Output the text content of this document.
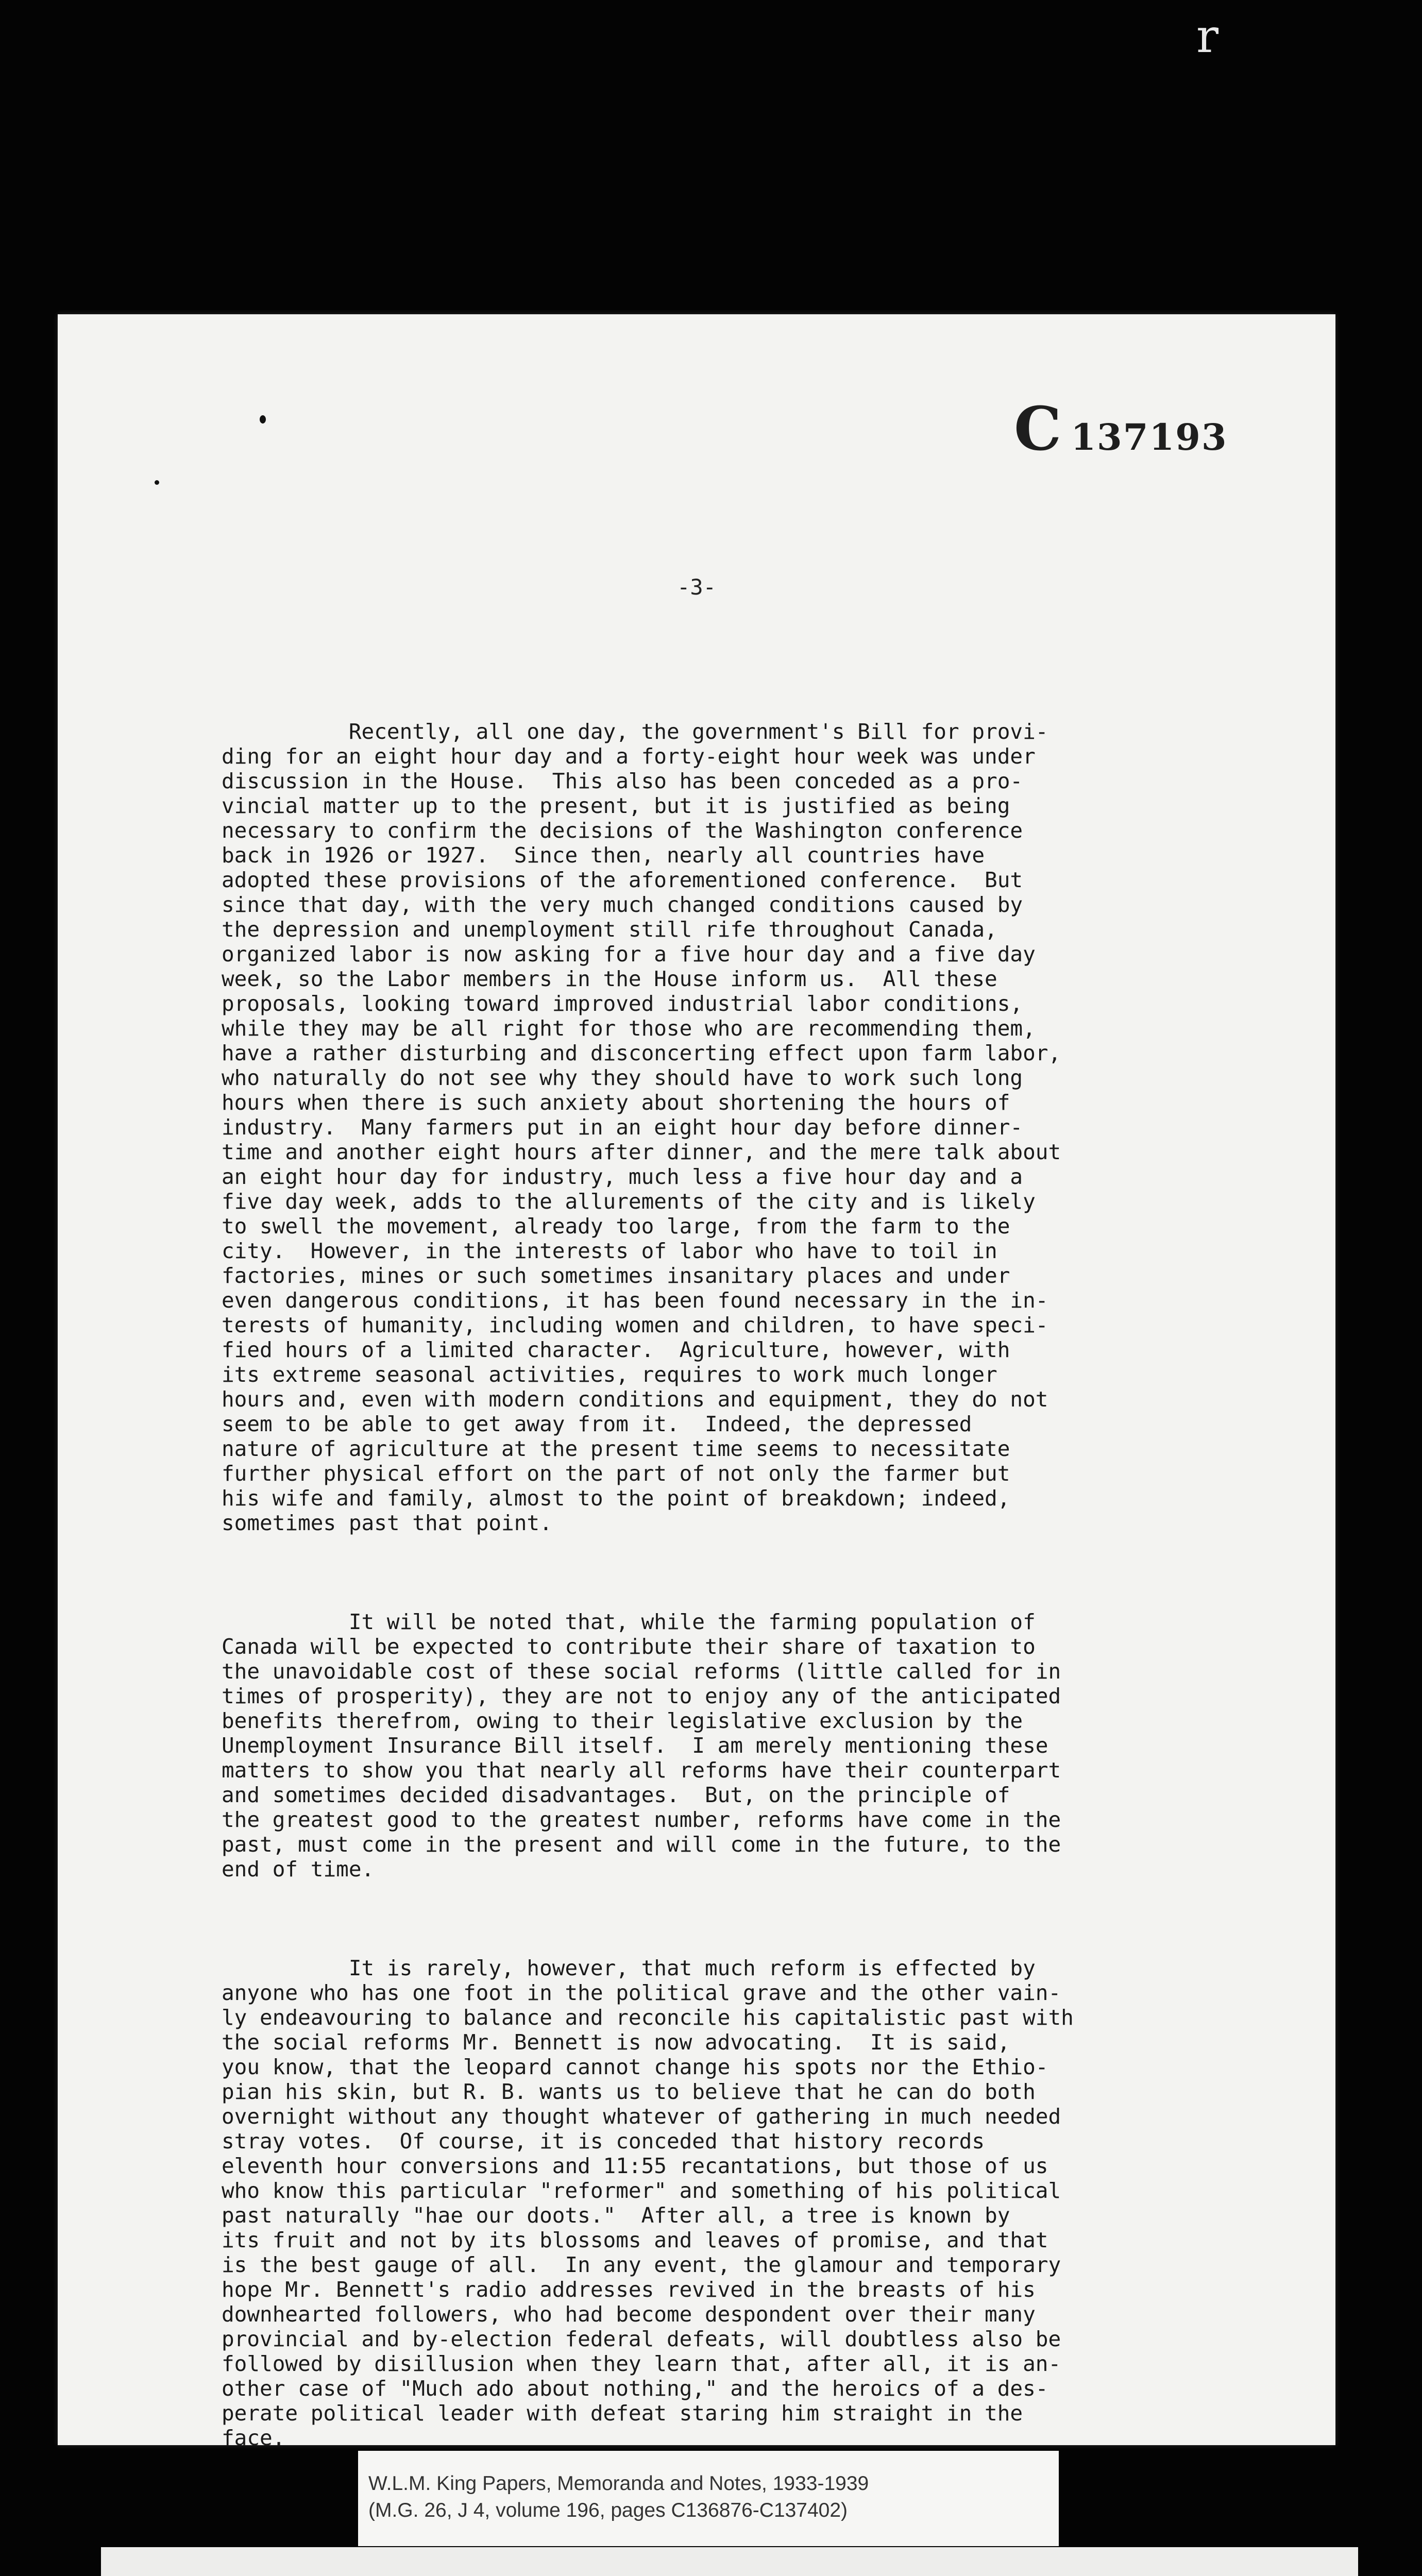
r
C 137193
-3-

Recently, all one day, the government's Bill for provi-
ding for an eight hour day and a forty-eight hour week was under
discussion in the House.  This also has been conceded as a pro-
vincial matter up to the present, but it is justified as being
necessary to confirm the decisions of the Washington conference
back in 1926 or 1927.  Since then, nearly all countries have
adopted these provisions of the aforementioned conference.  But
since that day, with the very much changed conditions caused by
the depression and unemployment still rife throughout Canada,
organized labor is now asking for a five hour day and a five day
week, so the Labor members in the House inform us.  All these
proposals, looking toward improved industrial labor conditions,
while they may be all right for those who are recommending them,
have a rather disturbing and disconcerting effect upon farm labor,
who naturally do not see why they should have to work such long
hours when there is such anxiety about shortening the hours of
industry.  Many farmers put in an eight hour day before dinner-
time and another eight hours after dinner, and the mere talk about
an eight hour day for industry, much less a five hour day and a
five day week, adds to the allurements of the city and is likely
to swell the movement, already too large, from the farm to the
city.  However, in the interests of labor who have to toil in
factories, mines or such sometimes insanitary places and under
even dangerous conditions, it has been found necessary in the in-
terests of humanity, including women and children, to have speci-
fied hours of a limited character.  Agriculture, however, with
its extreme seasonal activities, requires to work much longer
hours and, even with modern conditions and equipment, they do not
seem to be able to get away from it.  Indeed, the depressed
nature of agriculture at the present time seems to necessitate
further physical effort on the part of not only the farmer but
his wife and family, almost to the point of breakdown; indeed,
sometimes past that point.

It will be noted that, while the farming population of
Canada will be expected to contribute their share of taxation to
the unavoidable cost of these social reforms (little called for in
times of prosperity), they are not to enjoy any of the anticipated
benefits therefrom, owing to their legislative exclusion by the
Unemployment Insurance Bill itself.  I am merely mentioning these
matters to show you that nearly all reforms have their counterpart
and sometimes decided disadvantages.  But, on the principle of
the greatest good to the greatest number, reforms have come in the
past, must come in the present and will come in the future, to the
end of time.

It is rarely, however, that much reform is effected by
anyone who has one foot in the political grave and the other vain-
ly endeavouring to balance and reconcile his capitalistic past with
the social reforms Mr. Bennett is now advocating.  It is said,
you know, that the leopard cannot change his spots nor the Ethio-
pian his skin, but R. B. wants us to believe that he can do both
overnight without any thought whatever of gathering in much needed
stray votes.  Of course, it is conceded that history records
eleventh hour conversions and 11:55 recantations, but those of us
who know this particular "reformer" and something of his political
past naturally "hae our doots."  After all, a tree is known by
its fruit and not by its blossoms and leaves of promise, and that
is the best gauge of all.  In any event, the glamour and temporary
hope Mr. Bennett's radio addresses revived in the breasts of his
downhearted followers, who had become despondent over their many
provincial and by-election federal defeats, will doubtless also be
followed by disillusion when they learn that, after all, it is an-
other case of "Much ado about nothing," and the heroics of a des-
perate political leader with defeat staring him straight in the
face.

W.L.M. King Papers, Memoranda and Notes, 1933-1939
(M.G. 26, J 4, volume 196, pages C136876-C137402)
